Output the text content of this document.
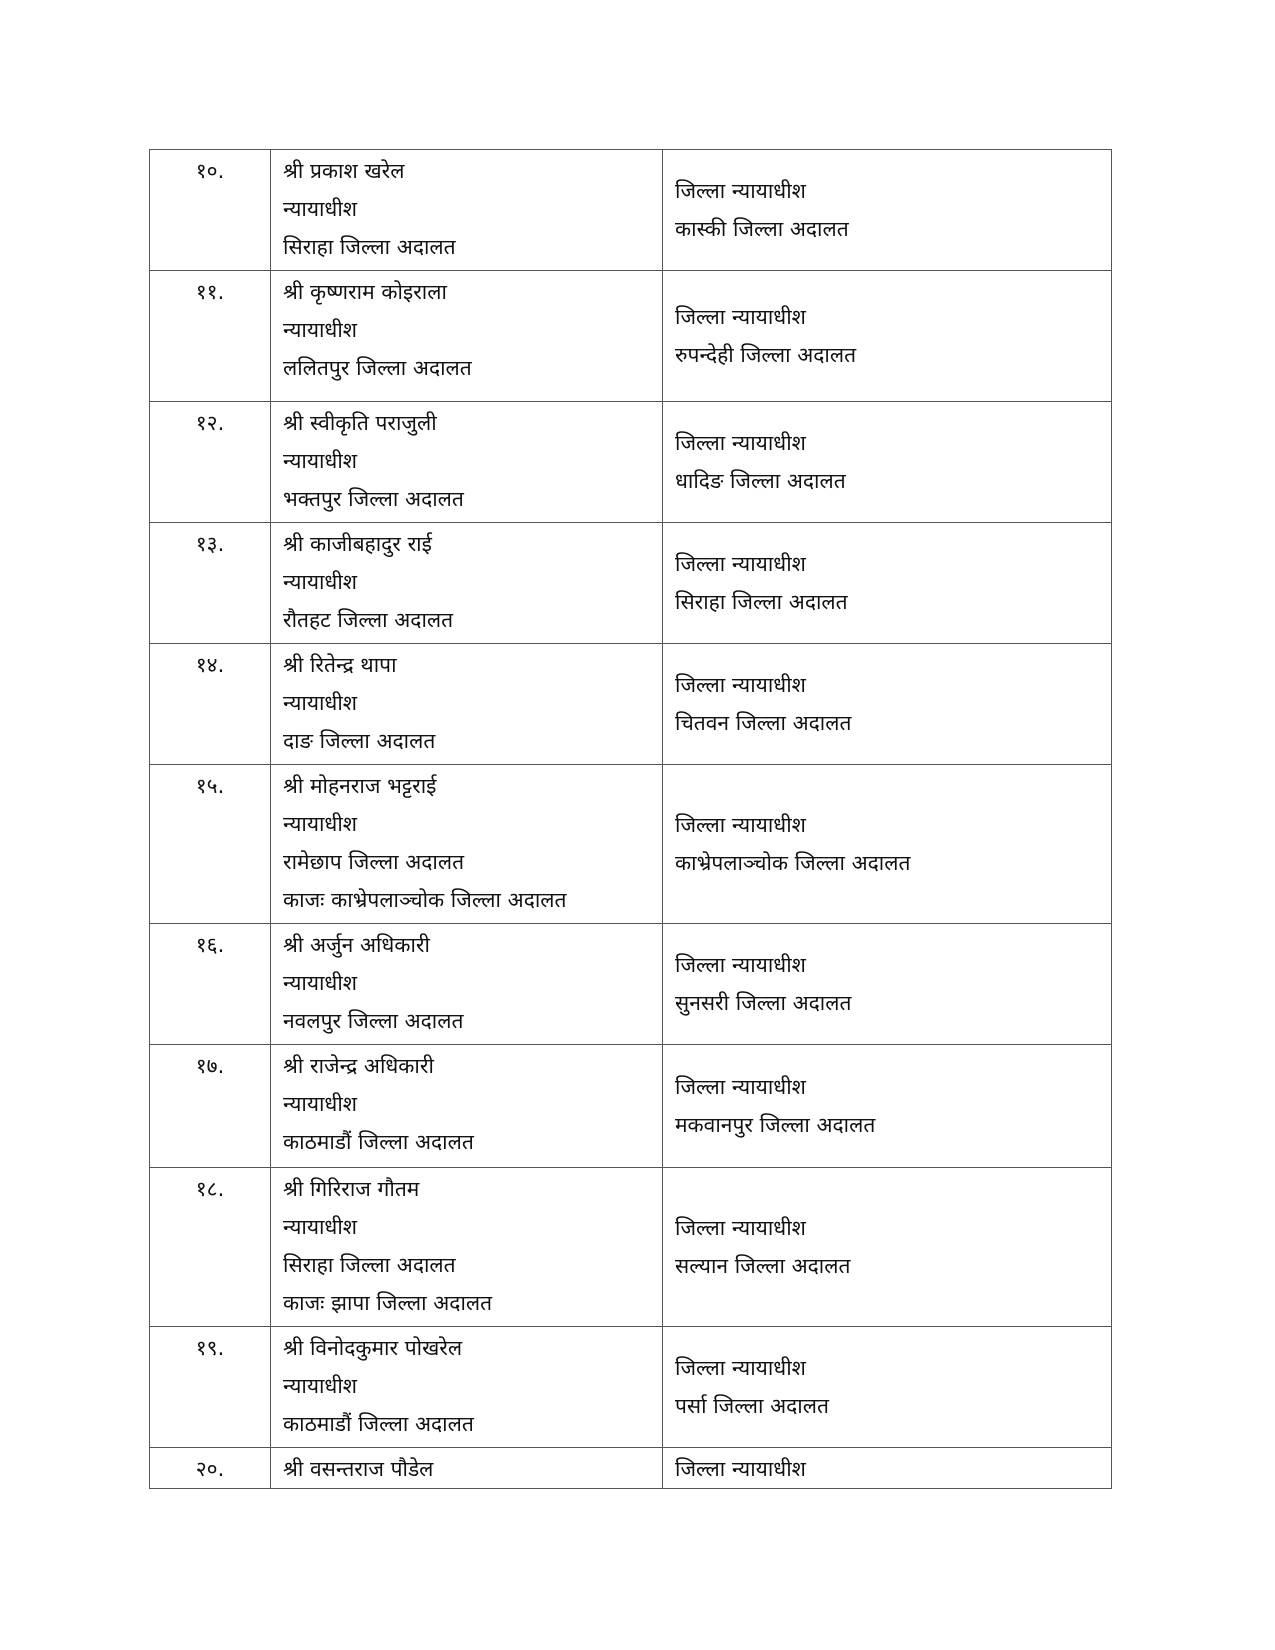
१०.	श्री प्रकाश खरेल
न्यायाधीश
सिराहा जिल्ला अदालत	जिल्ला न्यायाधीश
कास्की जिल्ला अदालत

११.	श्री कृष्णराम कोइराला
न्यायाधीश
ललितपुर जिल्ला अदालत	जिल्ला न्यायाधीश
रुपन्देही जिल्ला अदालत

१२.	श्री स्वीकृति पराजुली
न्यायाधीश
भक्तपुर जिल्ला अदालत	जिल्ला न्यायाधीश
धादिङ जिल्ला अदालत

१३.	श्री काजीबहादुर राई
न्यायाधीश
रौतहट जिल्ला अदालत	जिल्ला न्यायाधीश
सिराहा जिल्ला अदालत

१४.	श्री रितेन्द्र थापा
न्यायाधीश
दाङ जिल्ला अदालत	जिल्ला न्यायाधीश
चितवन जिल्ला अदालत

१५.	श्री मोहनराज भट्टराई
न्यायाधीश
रामेछाप जिल्ला अदालत
काजः काभ्रेपलाञ्चोक जिल्ला अदालत	जिल्ला न्यायाधीश
काभ्रेपलाञ्चोक जिल्ला अदालत

१६.	श्री अर्जुन अधिकारी
न्यायाधीश
नवलपुर जिल्ला अदालत	जिल्ला न्यायाधीश
सुनसरी जिल्ला अदालत

१७.	श्री राजेन्द्र अधिकारी
न्यायाधीश
काठमाडौं जिल्ला अदालत	जिल्ला न्यायाधीश
मकवानपुर जिल्ला अदालत

१८.	श्री गिरिराज गौतम
न्यायाधीश
सिराहा जिल्ला अदालत
काजः झापा जिल्ला अदालत	जिल्ला न्यायाधीश
सल्यान जिल्ला अदालत

१९.	श्री विनोदकुमार पोखरेल
न्यायाधीश
काठमाडौं जिल्ला अदालत	जिल्ला न्यायाधीश
पर्सा जिल्ला अदालत

२०.	श्री वसन्तराज पौडेल	जिल्ला न्यायाधीश
